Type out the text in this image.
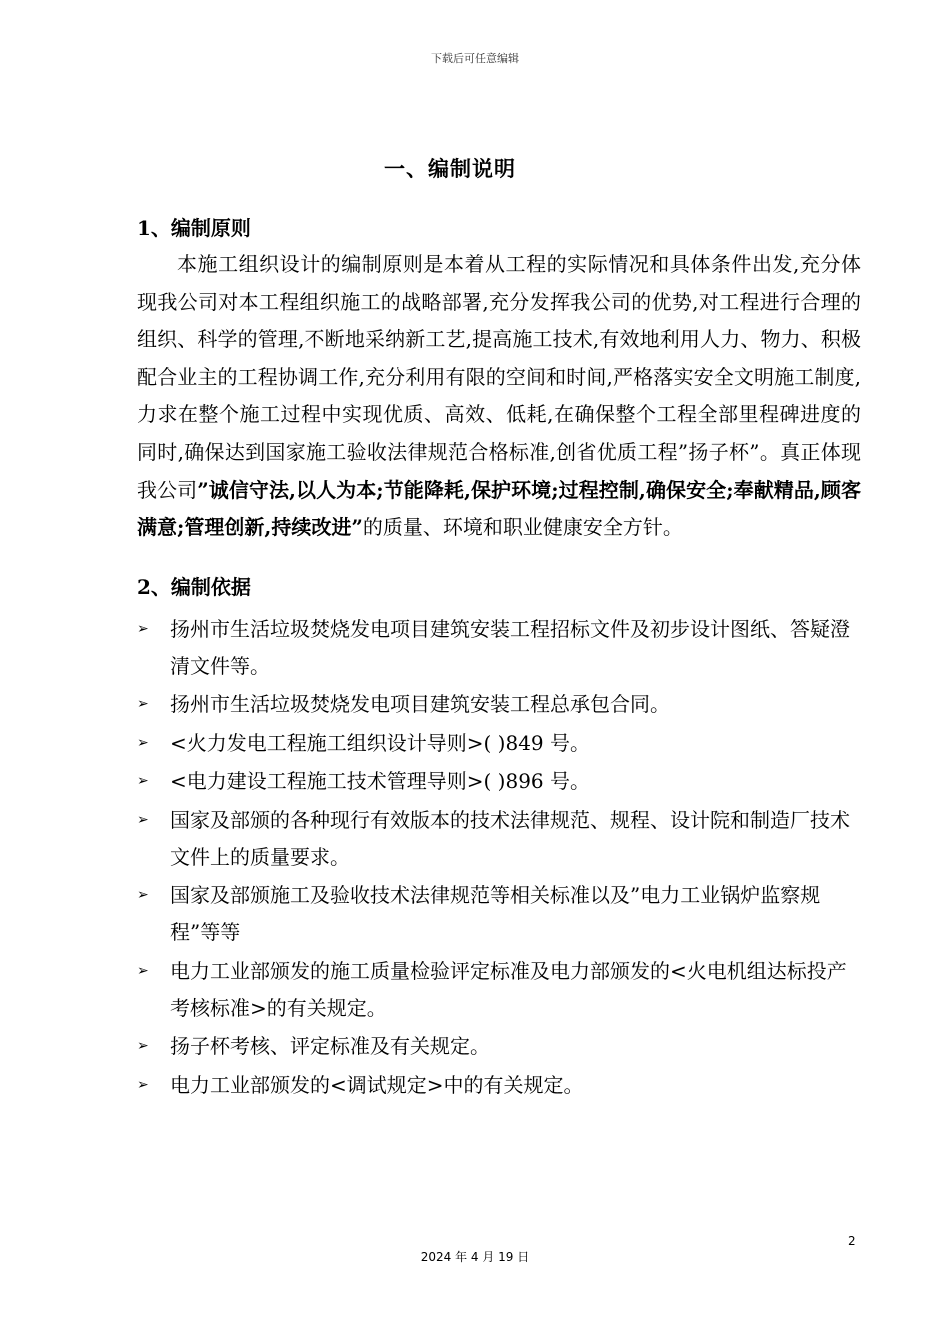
下载后可任意编辑
一、编制说明
1、编制原则

本施工组织设计的编制原则是本着从工程的实际情况和具体条件出发,充分体现我公司对本工程组织施工的战略部署,充分发挥我公司的优势,对工程进行合理的组织、科学的管理,不断地采纳新工艺,提高施工技术,有效地利用人力、物力、积极配合业主的工程协调工作,充分利用有限的空间和时间,严格落实安全文明施工制度,力求在整个施工过程中实现优质、高效、低耗,在确保整个工程全部里程碑进度的同时,确保达到国家施工验收法律规范合格标准,创省优质工程”扬子杯”。真正体现我公司”诚信守法,以人为本;节能降耗,保护环境;过程控制,确保安全;奉献精品,顾客满意;管理创新,持续改进”的质量、环境和职业健康安全方针。

2、编制依据
➢ 扬州市生活垃圾焚烧发电项目建筑安装工程招标文件及初步设计图纸、答疑澄清文件等。
➢ 扬州市生活垃圾焚烧发电项目建筑安装工程总承包合同。
➢ <火力发电工程施工组织设计导则>( )849 号。
➢ <电力建设工程施工技术管理导则>( )896 号。
➢ 国家及部颁的各种现行有效版本的技术法律规范、规程、设计院和制造厂技术文件上的质量要求。
➢ 国家及部颁施工及验收技术法律规范等相关标准以及”电力工业锅炉监察规程”等等
➢ 电力工业部颁发的施工质量检验评定标准及电力部颁发的<火电机组达标投产考核标准>的有关规定。
➢ 扬子杯考核、评定标准及有关规定。
➢ 电力工业部颁发的<调试规定>中的有关规定。
2
2024 年 4 月 19 日
